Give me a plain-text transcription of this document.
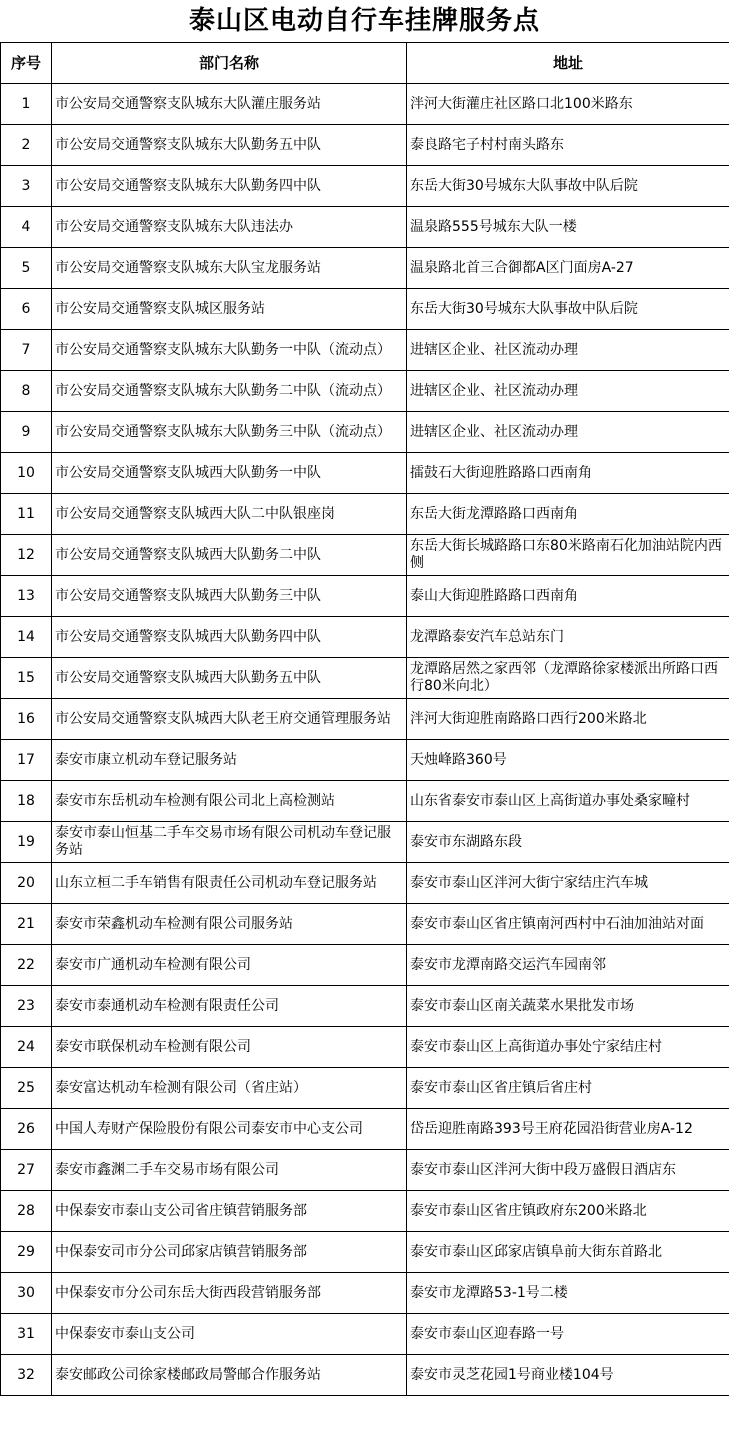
泰山区电动自行车挂牌服务点
序号	部门名称	地址
1	市公安局交通警察支队城东大队灌庄服务站	泮河大街灌庄社区路口北100米路东
2	市公安局交通警察支队城东大队勤务五中队	泰良路宅子村村南头路东
3	市公安局交通警察支队城东大队勤务四中队	东岳大街30号城东大队事故中队后院
4	市公安局交通警察支队城东大队违法办	温泉路555号城东大队一楼
5	市公安局交通警察支队城东大队宝龙服务站	温泉路北首三合御都A区门面房A-27
6	市公安局交通警察支队城区服务站	东岳大街30号城东大队事故中队后院
7	市公安局交通警察支队城东大队勤务一中队（流动点）	进辖区企业、社区流动办理
8	市公安局交通警察支队城东大队勤务二中队（流动点）	进辖区企业、社区流动办理
9	市公安局交通警察支队城东大队勤务三中队（流动点）	进辖区企业、社区流动办理
10	市公安局交通警察支队城西大队勤务一中队	擂鼓石大街迎胜路路口西南角
11	市公安局交通警察支队城西大队二中队银座岗	东岳大街龙潭路路口西南角
12	市公安局交通警察支队城西大队勤务二中队	东岳大街长城路路口东80米路南石化加油站院内西侧
13	市公安局交通警察支队城西大队勤务三中队	泰山大街迎胜路路口西南角
14	市公安局交通警察支队城西大队勤务四中队	龙潭路泰安汽车总站东门
15	市公安局交通警察支队城西大队勤务五中队	龙潭路居然之家西邻（龙潭路徐家楼派出所路口西行80米向北）
16	市公安局交通警察支队城西大队老王府交通管理服务站	泮河大街迎胜南路路口西行200米路北
17	泰安市康立机动车登记服务站	天烛峰路360号
18	泰安市东岳机动车检测有限公司北上高检测站	山东省泰安市泰山区上高街道办事处桑家疃村
19	泰安市泰山恒基二手车交易市场有限公司机动车登记服务站	泰安市东湖路东段
20	山东立桓二手车销售有限责任公司机动车登记服务站	泰安市泰山区泮河大街宁家结庄汽车城
21	泰安市荣鑫机动车检测有限公司服务站	泰安市泰山区省庄镇南河西村中石油加油站对面
22	泰安市广通机动车检测有限公司	泰安市龙潭南路交运汽车园南邻
23	泰安市泰通机动车检测有限责任公司	泰安市泰山区南关蔬菜水果批发市场
24	泰安市联保机动车检测有限公司	泰安市泰山区上高街道办事处宁家结庄村
25	泰安富达机动车检测有限公司（省庄站）	泰安市泰山区省庄镇后省庄村
26	中国人寿财产保险股份有限公司泰安市中心支公司	岱岳迎胜南路393号王府花园沿街营业房A-12
27	泰安市鑫渊二手车交易市场有限公司	泰安市泰山区泮河大街中段万盛假日酒店东
28	中保泰安市泰山支公司省庄镇营销服务部	泰安市泰山区省庄镇政府东200米路北
29	中保泰安司市分公司邱家店镇营销服务部	泰安市泰山区邱家店镇阜前大街东首路北
30	中保泰安市分公司东岳大街西段营销服务部	泰安市龙潭路53-1号二楼
31	中保泰安市泰山支公司	泰安市泰山区迎春路一号
32	泰安邮政公司徐家楼邮政局警邮合作服务站	泰安市灵芝花园1号商业楼104号
